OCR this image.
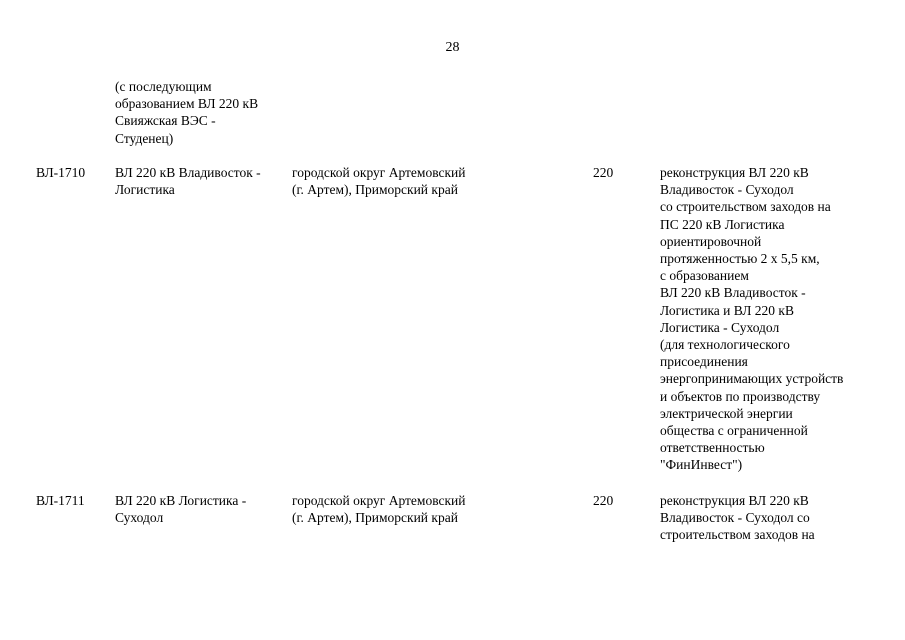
28
(с последующим
образованием ВЛ 220 кВ
Свияжская ВЭС -
Студенец)
ВЛ-1710 ВЛ 220 кВ Владивосток -
Логистика
городской округ Артемовский
(г. Артем), Приморский край
220	реконструкция ВЛ 220 кВ
Владивосток - Суходол
со строительством заходов на
ПС 220 кВ Логистика
ориентировочной
протяженностью 2 х 5,5 км,
с образованием
ВЛ 220 кВ Владивосток -
Логистика и ВЛ 220 кВ
Логистика - Суходол
(для технологического
присоединения
энергопринимающих устройств
и объектов по производству
электрической энергии
общества с ограниченной
ответственностью
"ФинИнвест")
ВЛ-1711 ВЛ 220 кВ Логистика -
Суходол
городской округ Артемовский
(г. Артем), Приморский край
220	реконструкция ВЛ 220 кВ
Владивосток - Суходол со
строительством заходов на
